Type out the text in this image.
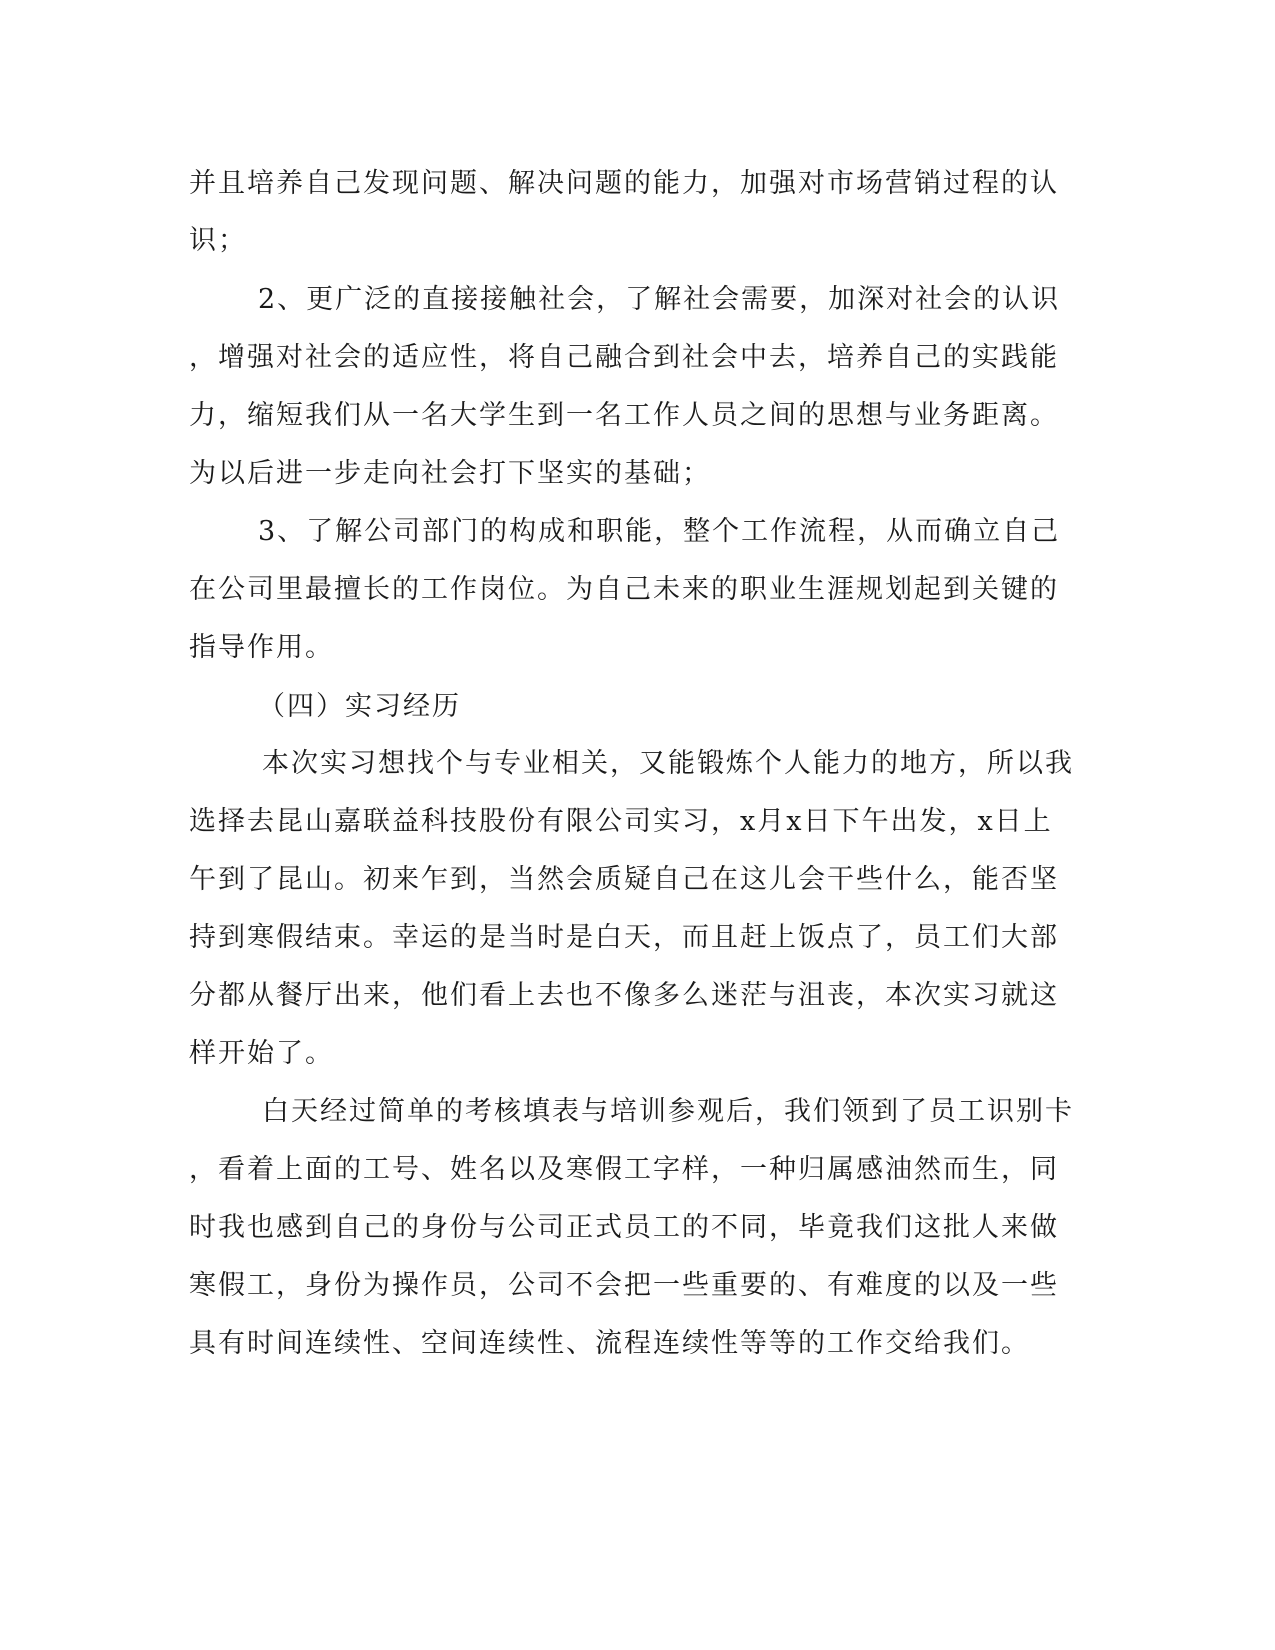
并且培养自己发现问题、解决问题的能力，加强对市场营销过程的认
识；
2、更广泛的直接接触社会，了解社会需要，加深对社会的认识
，增强对社会的适应性，将自己融合到社会中去，培养自己的实践能
力，缩短我们从一名大学生到一名工作人员之间的思想与业务距离。
为以后进一步走向社会打下坚实的基础；
3、了解公司部门的构成和职能，整个工作流程，从而确立自己
在公司里最擅长的工作岗位。为自己未来的职业生涯规划起到关键的
指导作用。
（四）实习经历
本次实习想找个与专业相关，又能锻炼个人能力的地方，所以我
选择去昆山嘉联益科技股份有限公司实习，x月x日下午出发，x日上
午到了昆山。初来乍到，当然会质疑自己在这儿会干些什么，能否坚
持到寒假结束。幸运的是当时是白天，而且赶上饭点了，员工们大部
分都从餐厅出来，他们看上去也不像多么迷茫与沮丧，本次实习就这
样开始了。
白天经过简单的考核填表与培训参观后，我们领到了员工识别卡
，看着上面的工号、姓名以及寒假工字样，一种归属感油然而生，同
时我也感到自己的身份与公司正式员工的不同，毕竟我们这批人来做
寒假工，身份为操作员，公司不会把一些重要的、有难度的以及一些
具有时间连续性、空间连续性、流程连续性等等的工作交给我们。
